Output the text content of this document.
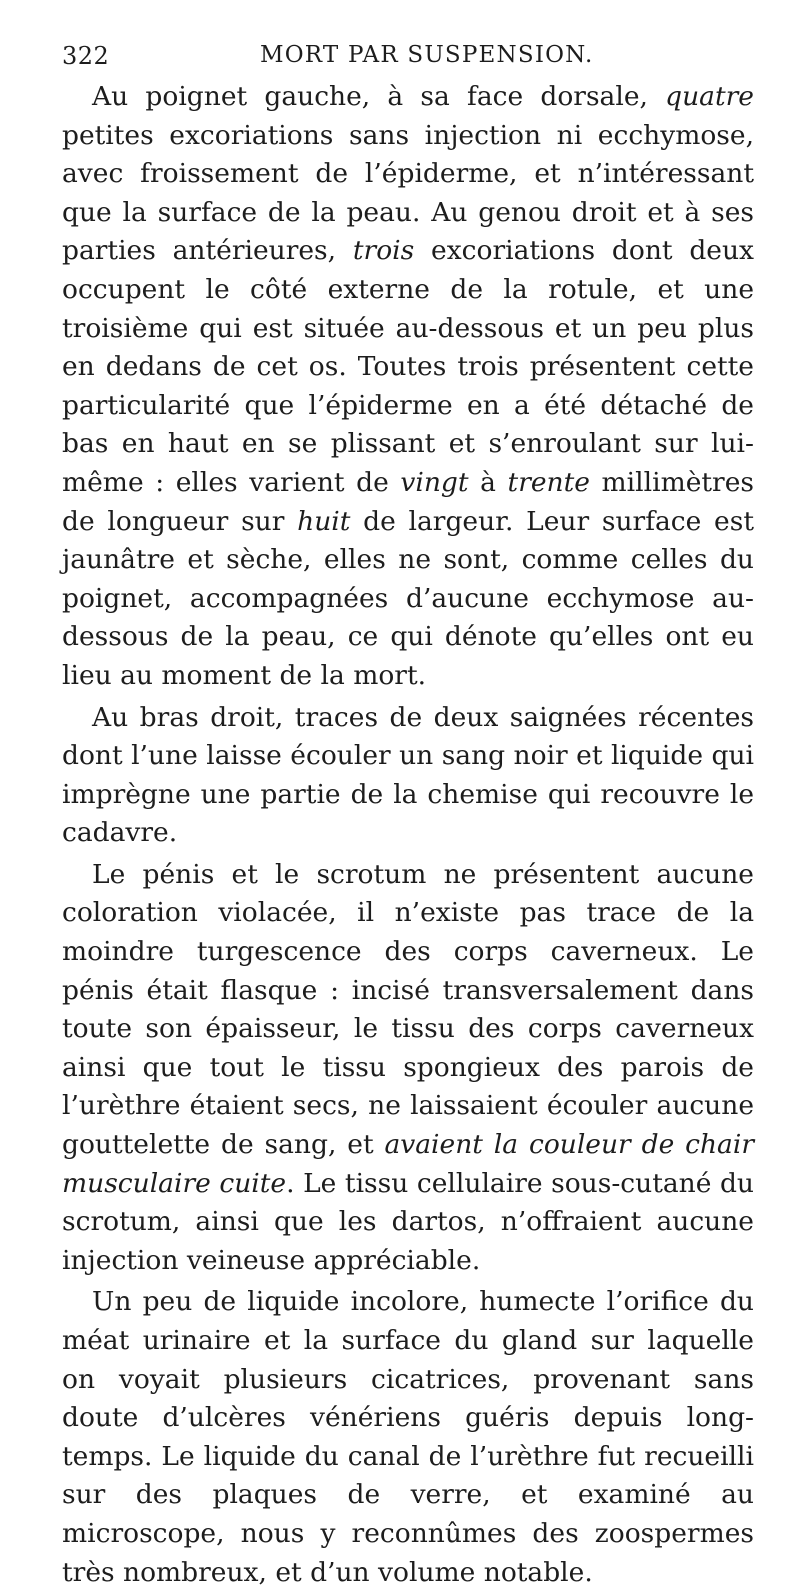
322	MORT PAR SUSPENSION.

Au poignet gauche, à sa face dorsale, quatre petites excoriations sans injection ni ecchymose, avec froissement de l’épiderme, et n’intéressant que la surface de la peau. Au genou droit et à ses parties antérieures, trois excoriations dont deux occupent le côté externe de la rotule, et une troisième qui est située au-dessous et un peu plus en dedans de cet os. Toutes trois présentent cette particularité que l’épiderme en a été détaché de bas en haut en se plissant et s’enroulant sur lui-même : elles varient de vingt à trente millimètres de longueur sur huit de largeur. Leur surface est jaunâtre et sèche, elles ne sont, comme celles du poignet, accompagnées d’aucune ecchymose au-dessous de la peau, ce qui dénote qu’elles ont eu lieu au moment de la mort.

Au bras droit, traces de deux saignées récentes dont l’une laisse écouler un sang noir et liquide qui imprègne une partie de la chemise qui recouvre le cadavre.

Le pénis et le scrotum ne présentent aucune coloration violacée, il n’existe pas trace de la moindre turgescence des corps caverneux. Le pénis était flasque : incisé transversalement dans toute son épaisseur, le tissu des corps caverneux ainsi que tout le tissu spongieux des parois de l’urèthre étaient secs, ne laissaient écouler aucune gouttelette de sang, et avaient la couleur de chair musculaire cuite. Le tissu cellulaire sous-cutané du scrotum, ainsi que les dartos, n’offraient aucune injection veineuse appréciable.

Un peu de liquide incolore, humecte l’orifice du méat urinaire et la surface du gland sur laquelle on voyait plusieurs cicatrices, provenant sans doute d’ulcères vénériens guéris depuis long-temps. Le liquide du canal de l’urèthre fut recueilli sur des plaques de verre, et examiné au microscope, nous y reconnûmes des zoospermes très nombreux, et d’un volume notable.
